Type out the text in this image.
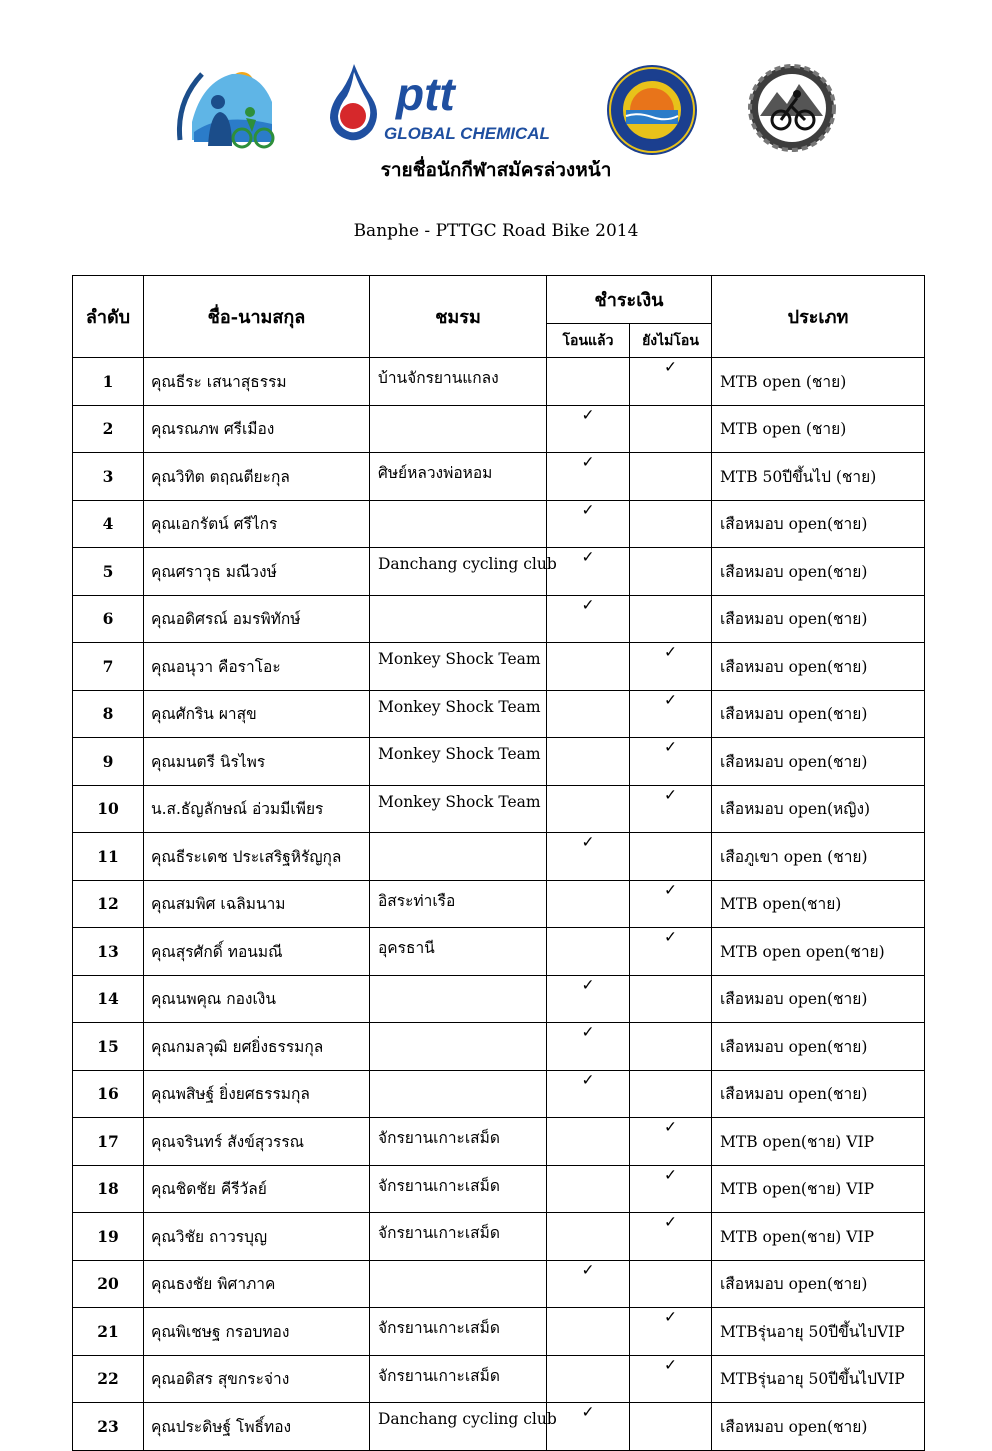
ptt
GLOBAL CHEMICAL
รายชื่อนักกีฬาสมัครล่วงหน้า
Banphe - PTTGC Road Bike 2014
ลำดับ	ชื่อ-นามสกุล	ชมรม	ชำระเงิน		ประเภท
			โอนแล้ว	ยังไม่โอน	
1	คุณธีระ เสนาสุธรรม	บ้านจักรยานแกลง		✓	MTB open (ชาย)
2	คุณรณภพ ศรีเมือง		✓		MTB open (ชาย)
3	คุณวิทิต ตฤณตียะกุล	ศิษย์หลวงพ่อหอม	✓		MTB 50ปีขึ้นไป (ชาย)
4	คุณเอกรัตน์ ศรีไกร		✓		เสือหมอบ open(ชาย)
5	คุณศราวุธ มณีวงษ์	Danchang cycling club	✓		เสือหมอบ open(ชาย)
6	คุณอดิศรณ์ อมรพิทักษ์		✓		เสือหมอบ open(ชาย)
7	คุณอนุวา คือราโอะ	Monkey Shock Team		✓	เสือหมอบ open(ชาย)
8	คุณศักริน ผาสุข	Monkey Shock Team		✓	เสือหมอบ open(ชาย)
9	คุณมนตรี นิรไพร	Monkey Shock Team		✓	เสือหมอบ open(ชาย)
10	น.ส.ธัญลักษณ์ อ่วมมีเพียร	Monkey Shock Team		✓	เสือหมอบ open(หญิง)
11	คุณธีระเดช ประเสริฐหิรัญกุล		✓		เสือภูเขา open (ชาย)
12	คุณสมพิศ เฉลิมนาม	อิสระท่าเรือ		✓	MTB open(ชาย)
13	คุณสุรศักดิ์ ทอนมณี	อุครธานี		✓	MTB open open(ชาย)
14	คุณนพคุณ กองเงิน		✓		เสือหมอบ open(ชาย)
15	คุณกมลวุฒิ ยศยิ่งธรรมกุล		✓		เสือหมอบ open(ชาย)
16	คุณพสิษฐ์ ยิ่งยศธรรมกุล		✓		เสือหมอบ open(ชาย)
17	คุณจรินทร์ สังข์สุวรรณ	จักรยานเกาะเสม็ด		✓	MTB open(ชาย) VIP
18	คุณชิดชัย คีรีวัลย์	จักรยานเกาะเสม็ด		✓	MTB open(ชาย) VIP
19	คุณวิชัย ถาวรบุญ	จักรยานเกาะเสม็ด		✓	MTB open(ชาย) VIP
20	คุณธงชัย พิศาภาค		✓		เสือหมอบ open(ชาย)
21	คุณพิเชษฐ กรอบทอง	จักรยานเกาะเสม็ด		✓	MTBรุ่นอายุ 50ปีขึ้นไปVIP
22	คุณอดิสร สุขกระจ่าง	จักรยานเกาะเสม็ด		✓	MTBรุ่นอายุ 50ปีขึ้นไปVIP
23	คุณประดิษฐ์ โพธิ์ทอง	Danchang cycling club	✓		เสือหมอบ open(ชาย)
